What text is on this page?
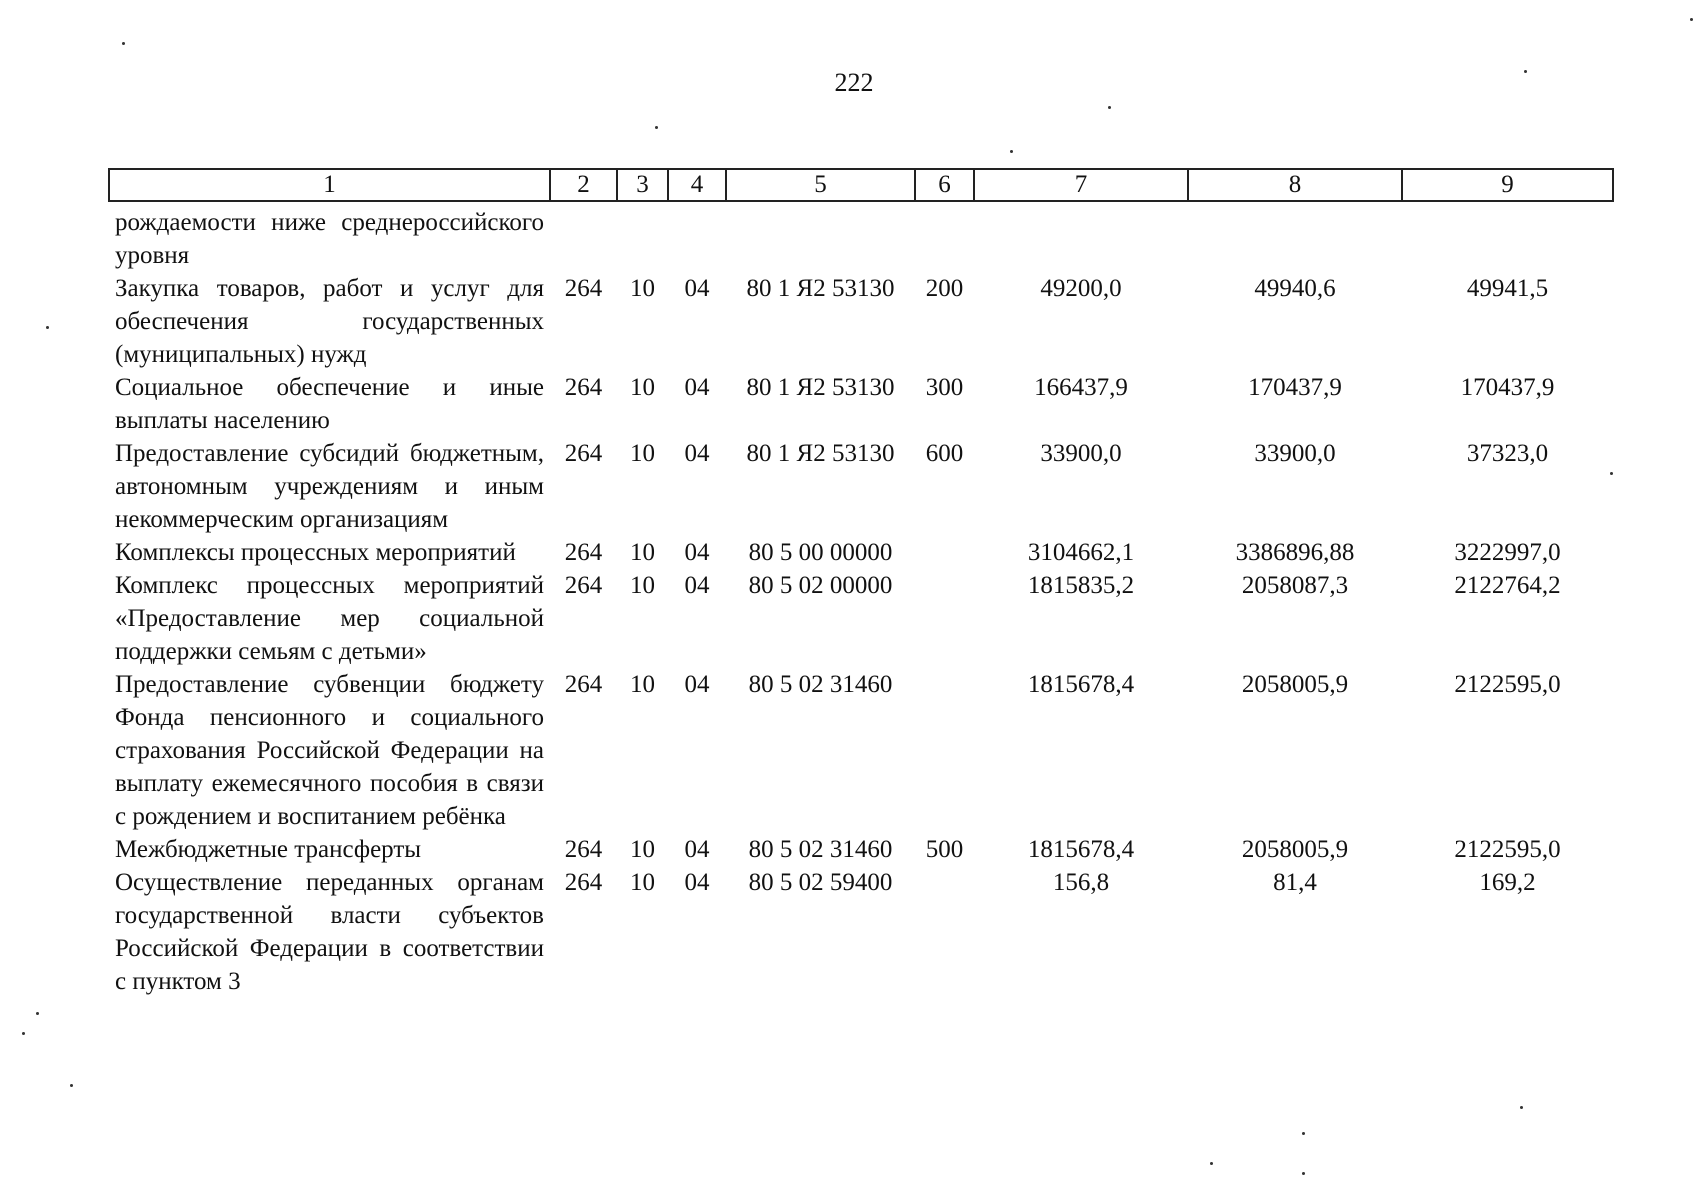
222
1	2	3	4	5	6	7	8	9
рождаемости ниже среднероссийского уровня								
Закупка товаров, работ и услуг для обеспечения государственных (муниципальных) нужд	264	10	04	80 1 Я2 53130	200	49200,0	49940,6	49941,5
Социальное обеспечение и иные выплаты населению	264	10	04	80 1 Я2 53130	300	166437,9	170437,9	170437,9
Предоставление субсидий бюджетным, автономным учреждениям и иным некоммерческим организациям	264	10	04	80 1 Я2 53130	600	33900,0	33900,0	37323,0
Комплексы процессных мероприятий	264	10	04	80 5 00 00000		3104662,1	3386896,88	3222997,0
Комплекс процессных мероприятий «Предоставление мер социальной поддержки семьям с детьми»	264	10	04	80 5 02 00000		1815835,2	2058087,3	2122764,2
Предоставление субвенции бюджету Фонда пенсионного и социального страхования Российской Федерации на выплату ежемесячного пособия в связи с рождением и воспитанием ребёнка	264	10	04	80 5 02 31460		1815678,4	2058005,9	2122595,0
Межбюджетные трансферты	264	10	04	80 5 02 31460	500	1815678,4	2058005,9	2122595,0
Осуществление переданных органам государственной власти субъектов Российской Федерации в соответствии с пунктом 3	264	10	04	80 5 02 59400		156,8	81,4	169,2
